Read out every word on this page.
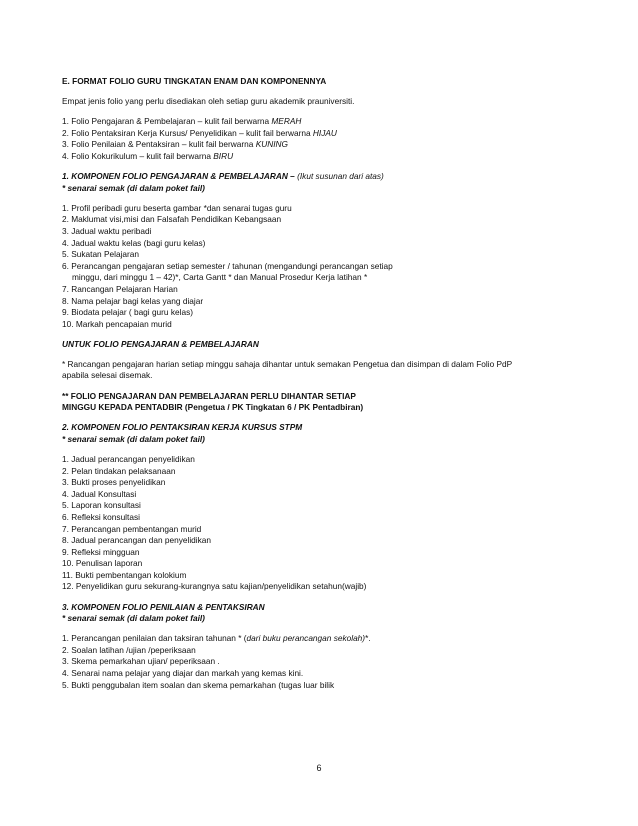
E. FORMAT FOLIO GURU TINGKATAN ENAM DAN KOMPONENNYA
Empat jenis folio yang perlu disediakan oleh setiap guru akademik prauniversiti.
1. Folio Pengajaran & Pembelajaran – kulit fail berwarna MERAH
2. Folio Pentaksiran Kerja Kursus/ Penyelidikan – kulit fail berwarna HIJAU
3. Folio Penilaian & Pentaksiran – kulit fail berwarna KUNING
4. Folio Kokurikulum – kulit fail berwarna BIRU
1. KOMPONEN FOLIO PENGAJARAN & PEMBELAJARAN – (Ikut susunan dari atas)
* senarai semak (di dalam poket fail)
1. Profil peribadi guru beserta gambar *dan senarai tugas guru
2. Maklumat visi,misi dan Falsafah Pendidikan Kebangsaan
3. Jadual waktu peribadi
4. Jadual waktu kelas (bagi guru kelas)
5. Sukatan Pelajaran
6. Perancangan pengajaran setiap semester / tahunan (mengandungi perancangan setiap
minggu, dari minggu 1 – 42)*, Carta Gantt * dan Manual Prosedur Kerja latihan *
7. Rancangan Pelajaran Harian
8. Nama pelajar bagi kelas yang diajar
9. Biodata pelajar ( bagi guru kelas)
10. Markah pencapaian murid
UNTUK FOLIO PENGAJARAN & PEMBELAJARAN
* Rancangan pengajaran harian setiap minggu sahaja dihantar untuk semakan Pengetua dan disimpan di dalam Folio PdP
apabila selesai disemak.
** FOLIO PENGAJARAN DAN PEMBELAJARAN PERLU DIHANTAR SETIAP
MINGGU KEPADA PENTADBIR (Pengetua / PK Tingkatan 6 / PK Pentadbiran)
2. KOMPONEN FOLIO PENTAKSIRAN KERJA KURSUS STPM
* senarai semak (di dalam poket fail)
1. Jadual perancangan penyelidikan
2. Pelan tindakan pelaksanaan
3. Bukti proses penyelidikan
4. Jadual Konsultasi
5. Laporan konsultasi
6. Refleksi konsultasi
7. Perancangan pembentangan murid
8. Jadual perancangan dan penyelidikan
9. Refleksi mingguan
10. Penulisan laporan
11. Bukti pembentangan kolokium
12. Penyelidikan guru sekurang-kurangnya satu kajian/penyelidikan setahun(wajib)
3. KOMPONEN FOLIO PENILAIAN & PENTAKSIRAN
* senarai semak (di dalam poket fail)
1. Perancangan penilaian dan taksiran tahunan * (dari buku perancangan sekolah)*.
2. Soalan latihan /ujian /peperiksaan
3. Skema pemarkahan ujian/ peperiksaan .
4. Senarai nama pelajar yang diajar dan markah yang kemas kini.
5. Bukti penggubalan item soalan dan skema pemarkahan (tugas luar bilik
6
